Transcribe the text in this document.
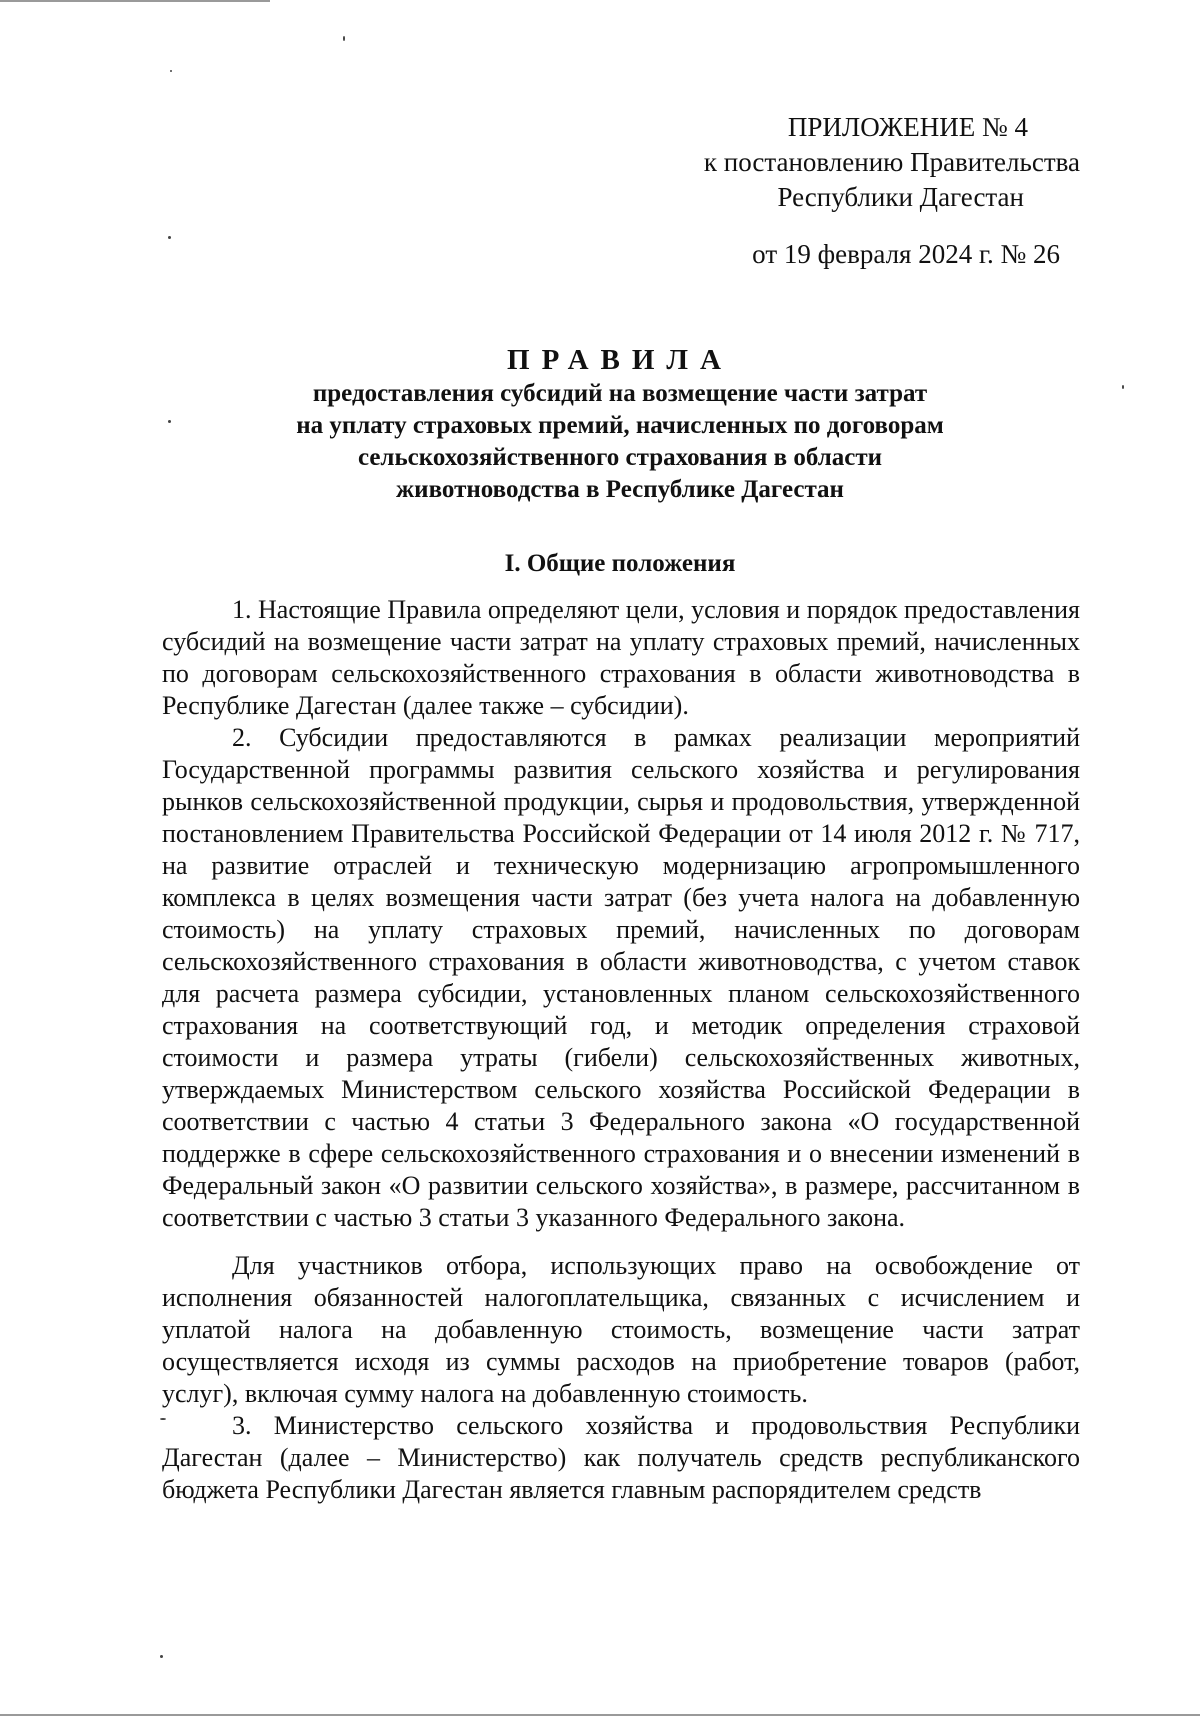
ПРИЛОЖЕНИЕ № 4
к постановлению Правительства
Республики Дагестан
от 19 февраля 2024 г. № 26
ПРАВИЛА
предоставления субсидий на возмещение части затрат
на уплату страховых премий, начисленных по договорам
сельскохозяйственного страхования в области
животноводства в Республике Дагестан
I. Общие положения

1. Настоящие Правила определяют цели, условия и порядок предоставления субсидий на возмещение части затрат на уплату страховых премий, начисленных по договорам сельскохозяйственного страхования в области животноводства в Республике Дагестан (далее также – субсидии).

2. Субсидии предоставляются в рамках реализации мероприятий Государственной программы развития сельского хозяйства и регулирования рынков сельскохозяйственной продукции, сырья и продовольствия, утвержденной постановлением Правительства Российской Федерации от 14 июля 2012 г. № 717, на развитие отраслей и техническую модернизацию агропромышленного комплекса в целях возмещения части затрат (без учета налога на добавленную стоимость) на уплату страховых премий, начисленных по договорам сельскохозяйственного страхования в области животноводства, с учетом ставок для расчета размера субсидии, установленных планом сельскохозяйственного страхования на соответствующий год, и методик определения страховой стоимости и размера утраты (гибели) сельскохозяйственных животных, утверждаемых Министерством сельского хозяйства Российской Федерации в соответствии с частью 4 статьи 3 Федерального закона «О государственной поддержке в сфере сельскохозяйственного страхования и о внесении изменений в Федеральный закон «О развитии сельского хозяйства», в размере, рассчитанном в соответствии с частью 3 статьи 3 указанного Федерального закона.

Для участников отбора, использующих право на освобождение от исполнения обязанностей налогоплательщика, связанных с исчислением и уплатой налога на добавленную стоимость, возмещение части затрат осуществляется исходя из суммы расходов на приобретение товаров (работ, услуг), включая сумму налога на добавленную стоимость.

3. Министерство сельского хозяйства и продовольствия Республики Дагестан (далее – Министерство) как получатель средств республиканского бюджета Республики Дагестан является главным распорядителем средств
